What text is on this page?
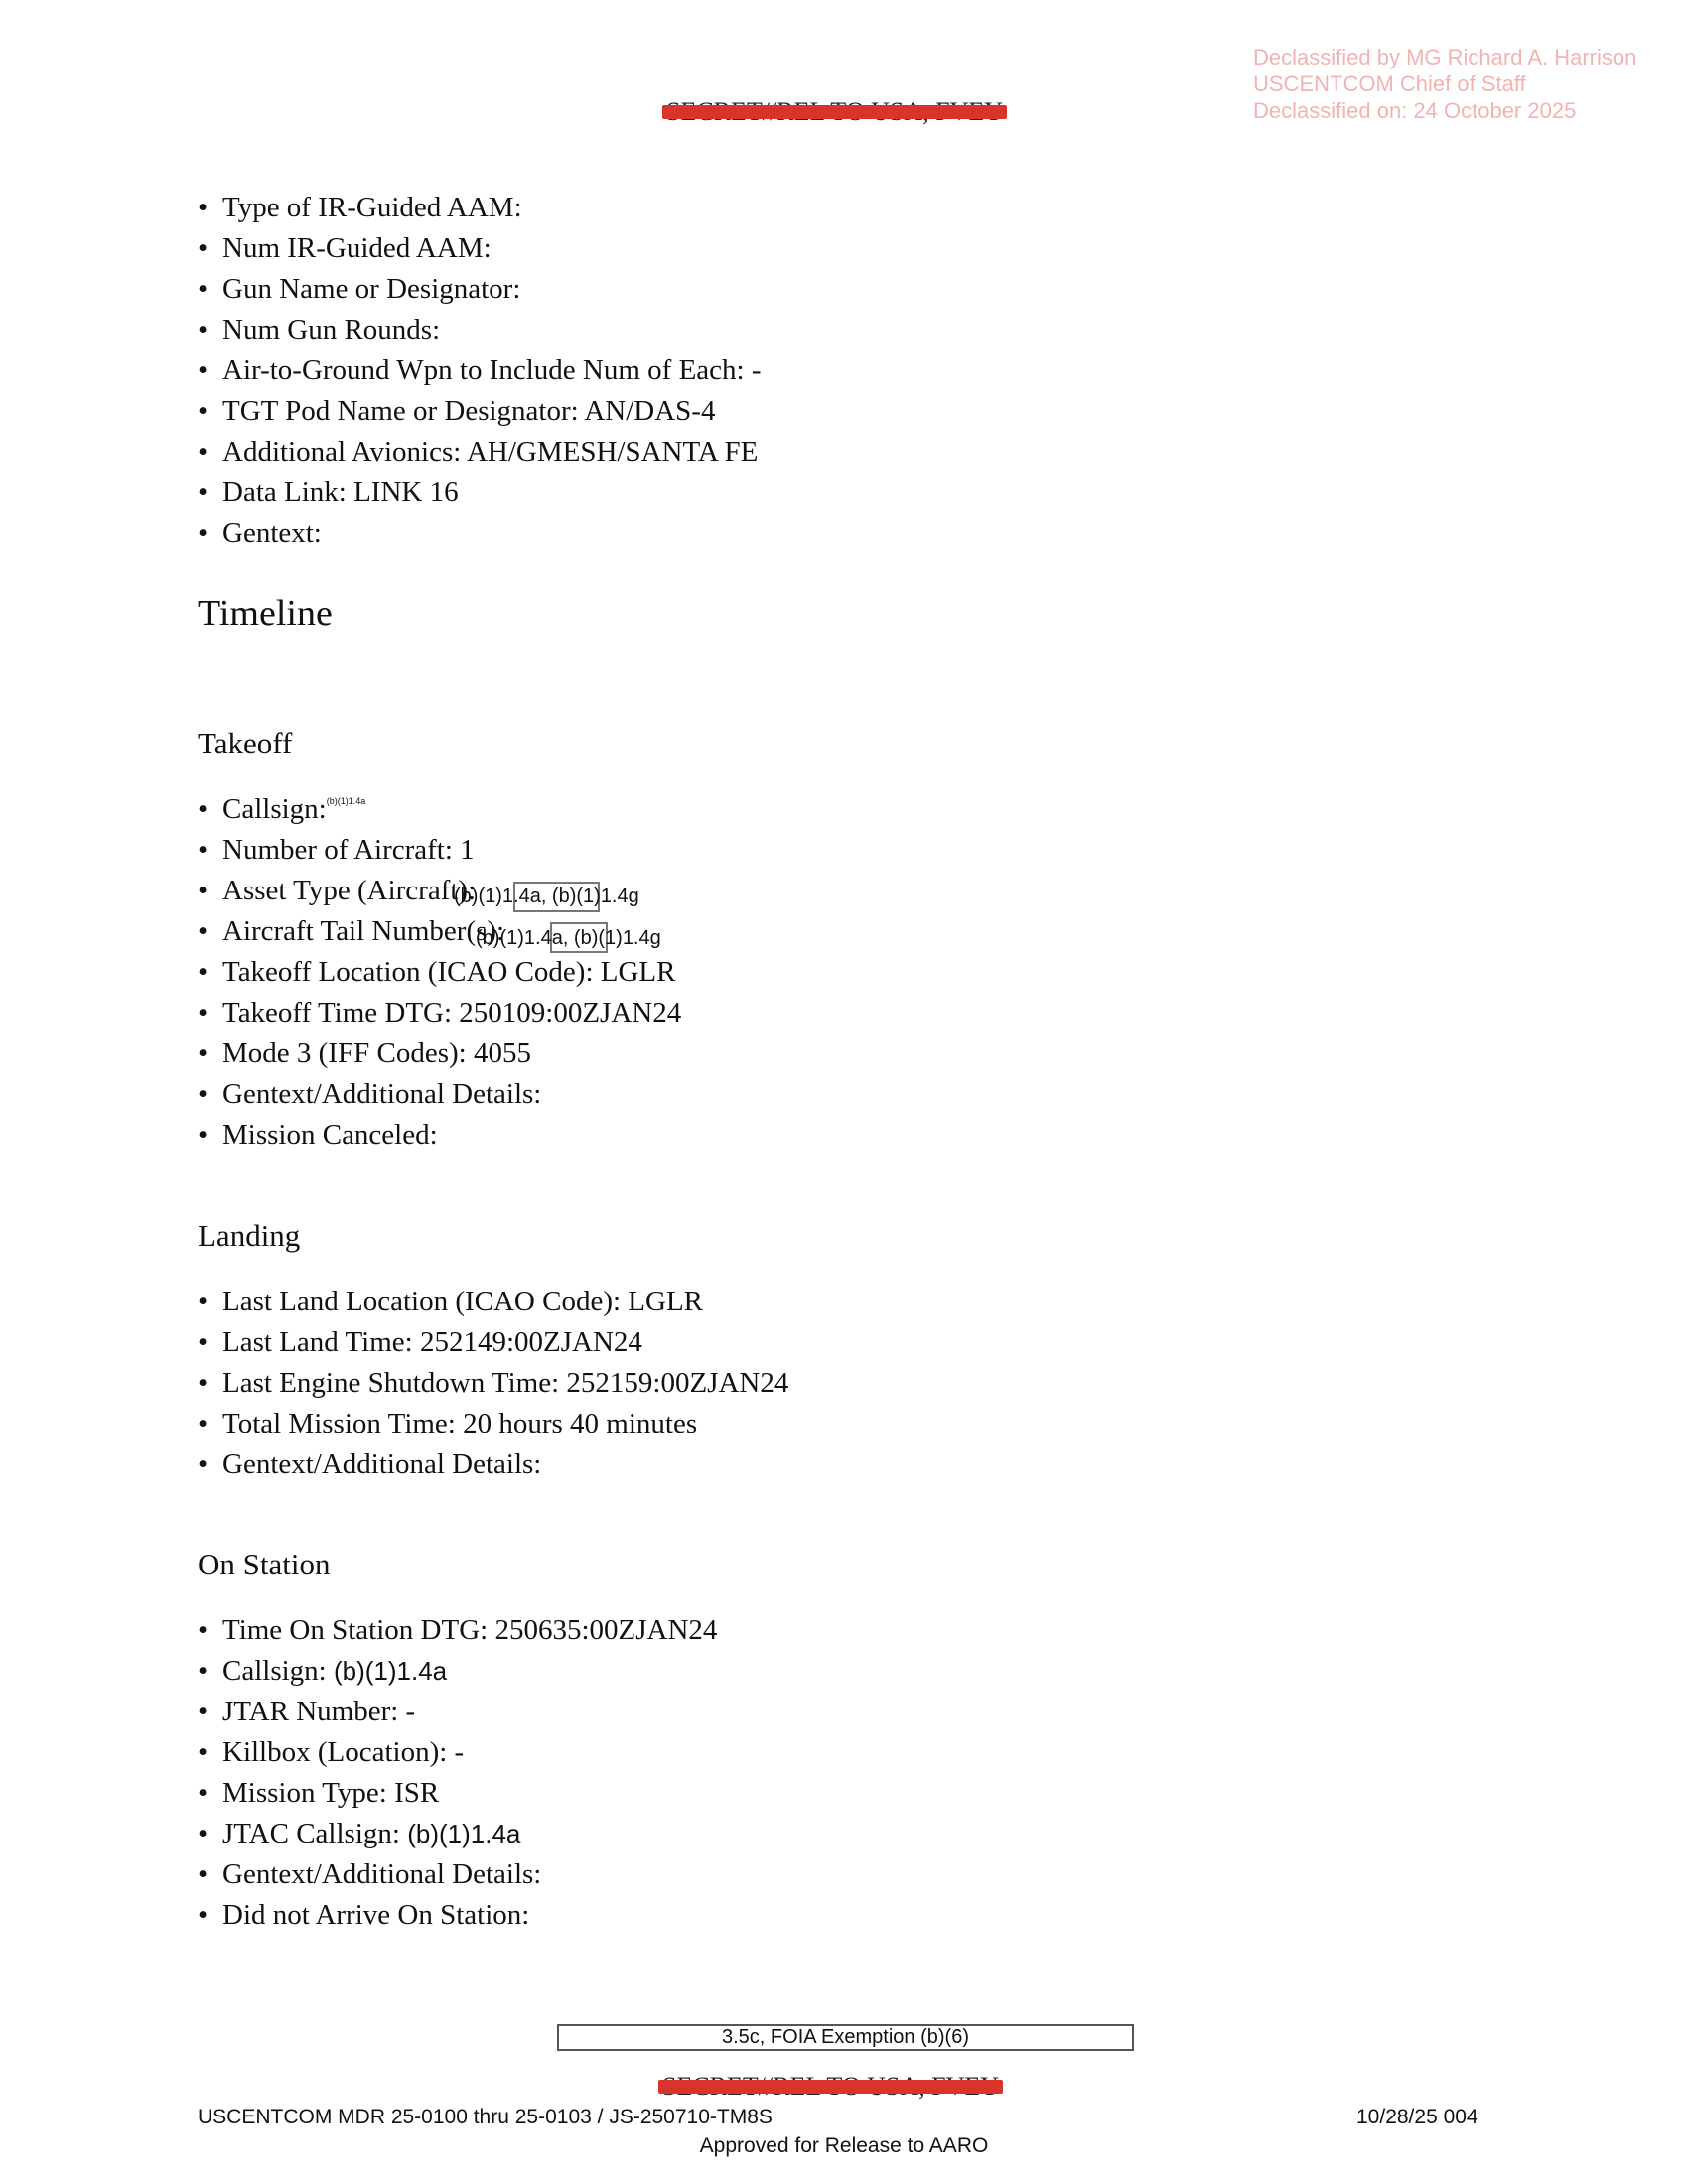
Declassified by MG Richard A. Harrison
USCENTCOM Chief of Staff
Declassified on: 24 October 2025
• Type of IR-Guided AAM:
• Num IR-Guided AAM:
• Gun Name or Designator:
• Num Gun Rounds:
• Air-to-Ground Wpn to Include Num of Each: -
• TGT Pod Name or Designator: AN/DAS-4
• Additional Avionics: AH/GMESH/SANTA FE
• Data Link: LINK 16
• Gentext:
Timeline
Takeoff
• Callsign:$^{(b)(1)1.4a}$
• Number of Aircraft: 1
• Asset Type (Aircraft):
• Aircraft Tail Number(s):
• Takeoff Location (ICAO Code): LGLR
• Takeoff Time DTG: 250109:00ZJAN24
• Mode 3 (IFF Codes): 4055
• Gentext/Additional Details:
• Mission Canceled:
(b)(1)1.4a, (b)(1)1.4g
(b)(1)1.4a, (b)(1)1.4g
Landing
• Last Land Location (ICAO Code): LGLR
• Last Land Time: 252149:00ZJAN24
• Last Engine Shutdown Time: 252159:00ZJAN24
• Total Mission Time: 20 hours 40 minutes
• Gentext/Additional Details:
On Station
• Time On Station DTG: 250635:00ZJAN24
• Callsign: (b)(1)1.4a
• JTAR Number: -
• Killbox (Location): -
• Mission Type: ISR
• JTAC Callsign: (b)(1)1.4a
• Gentext/Additional Details:
• Did not Arrive On Station:
3.5c, FOIA Exemption (b)(6)
USCENTCOM MDR 25-0100 thru 25-0103 / JS-250710-TM8S	10/28/25 004
Approved for Release to AARO
